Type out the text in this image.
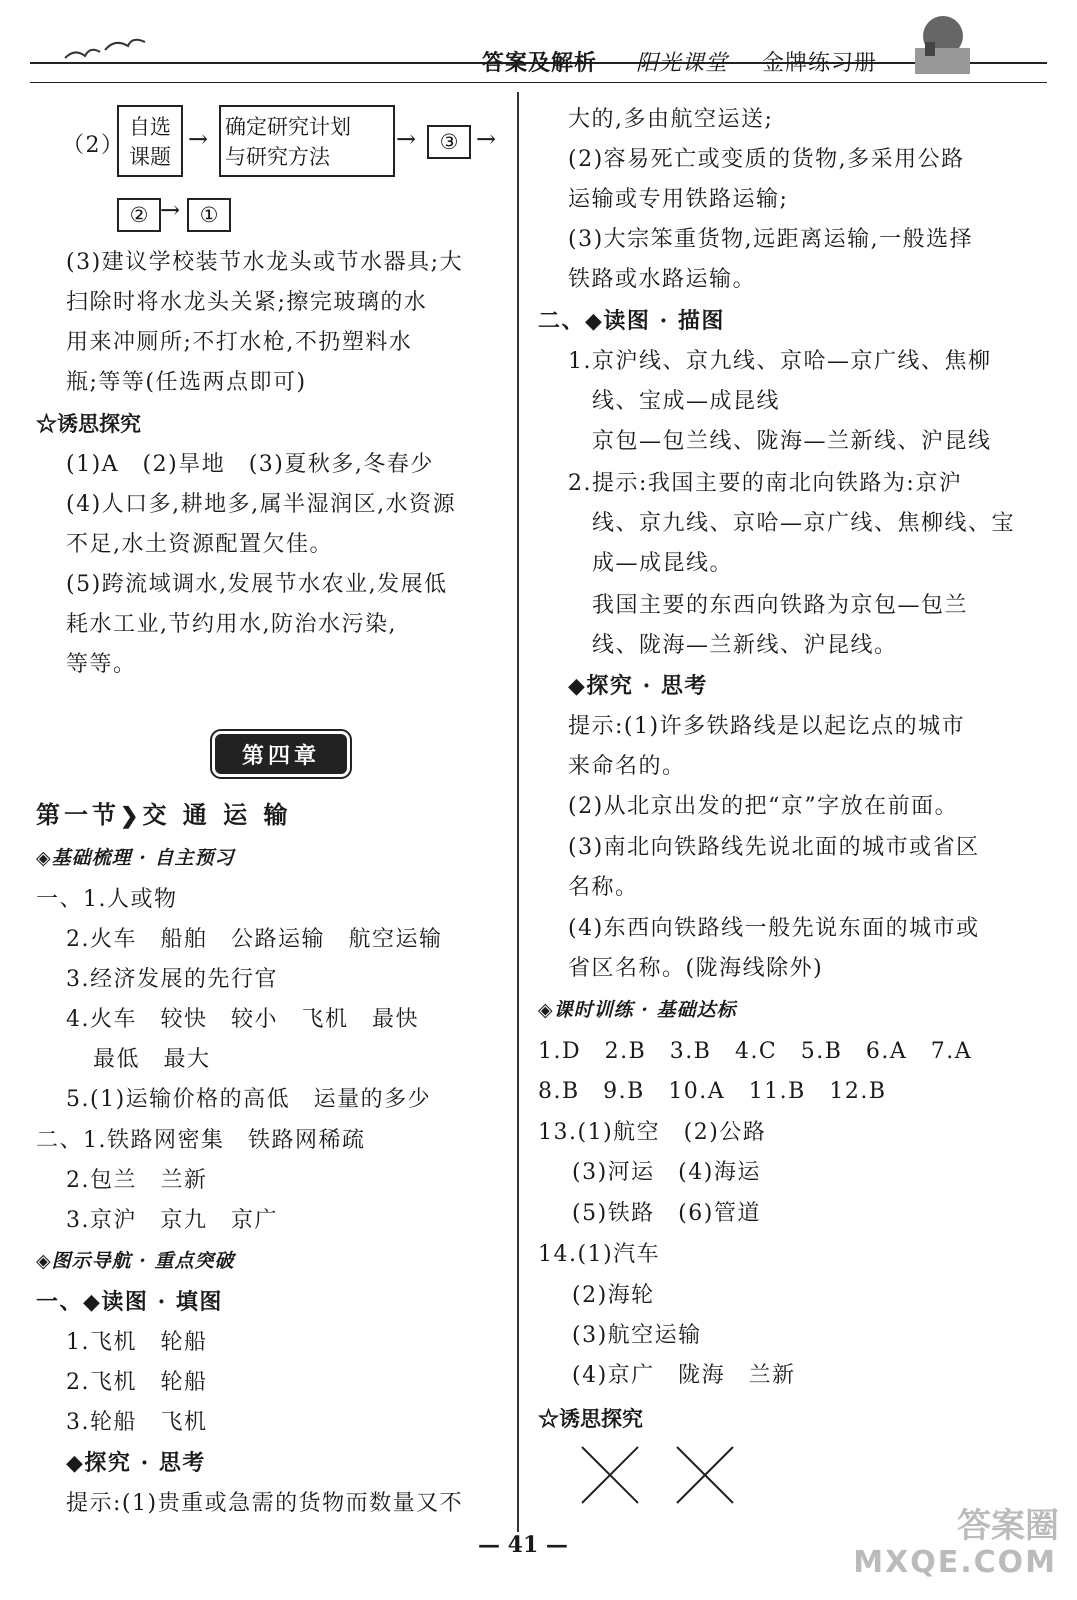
答案及解析 阳光课堂 金牌练习册
（2）
自选
课题
→ 确定研究计划
与研究方法
→	③ →
② → ①
(3)建议学校装节水龙头或节水器具;大
扫除时将水龙头关紧;擦完玻璃的水
用来冲厕所;不打水枪,不扔塑料水
瓶;等等(任选两点即可)
☆诱思探究
(1)A　(2)旱地　(3)夏秋多,冬春少
(4)人口多,耕地多,属半湿润区,水资源
不足,水土资源配置欠佳。
(5)跨流域调水,发展节水农业,发展低
耗水工业,节约用水,防治水污染,
等等。
第四章
第一节❯交 通 运 输
◈基础梳理 · 自主预习
一、1.人或物
2.火车　船舶　公路运输　航空运输
3.经济发展的先行官
4.火车　较快　较小　飞机　最快
最低　最大
5.(1)运输价格的高低　运量的多少
二、1.铁路网密集　铁路网稀疏
2.包兰　兰新
3.京沪　京九　京广
◈图示导航 · 重点突破
一、◆读图 · 填图
1.飞机　轮船
2.飞机　轮船
3.轮船　飞机
◆探究 · 思考
提示:(1)贵重或急需的货物而数量又不
大的,多由航空运送;
(2)容易死亡或变质的货物,多采用公路
运输或专用铁路运输;
(3)大宗笨重货物,远距离运输,一般选择
铁路或水路运输。
二、◆读图 · 描图
1.京沪线、京九线、京哈—京广线、焦柳
线、宝成—成昆线
京包—包兰线、陇海—兰新线、沪昆线
2.提示:我国主要的南北向铁路为:京沪
线、京九线、京哈—京广线、焦柳线、宝
成—成昆线。
我国主要的东西向铁路为京包—包兰
线、陇海—兰新线、沪昆线。
◆探究 · 思考
提示:(1)许多铁路线是以起讫点的城市
来命名的。
(2)从北京出发的把“京”字放在前面。
(3)南北向铁路线先说北面的城市或省区
名称。
(4)东西向铁路线一般先说东面的城市或
省区名称。(陇海线除外)
◈课时训练 · 基础达标
1.D　2.B　3.B　4.C　5.B　6.A　7.A
8.B　9.B　10.A　11.B　12.B
13.(1)航空　(2)公路
(3)河运　(4)海运
(5)铁路　(6)管道
14.(1)汽车
(2)海轮
(3)航空运输
(4)京广　陇海　兰新
☆诱思探究
— 41 —	答案圈
MXQE.COM
